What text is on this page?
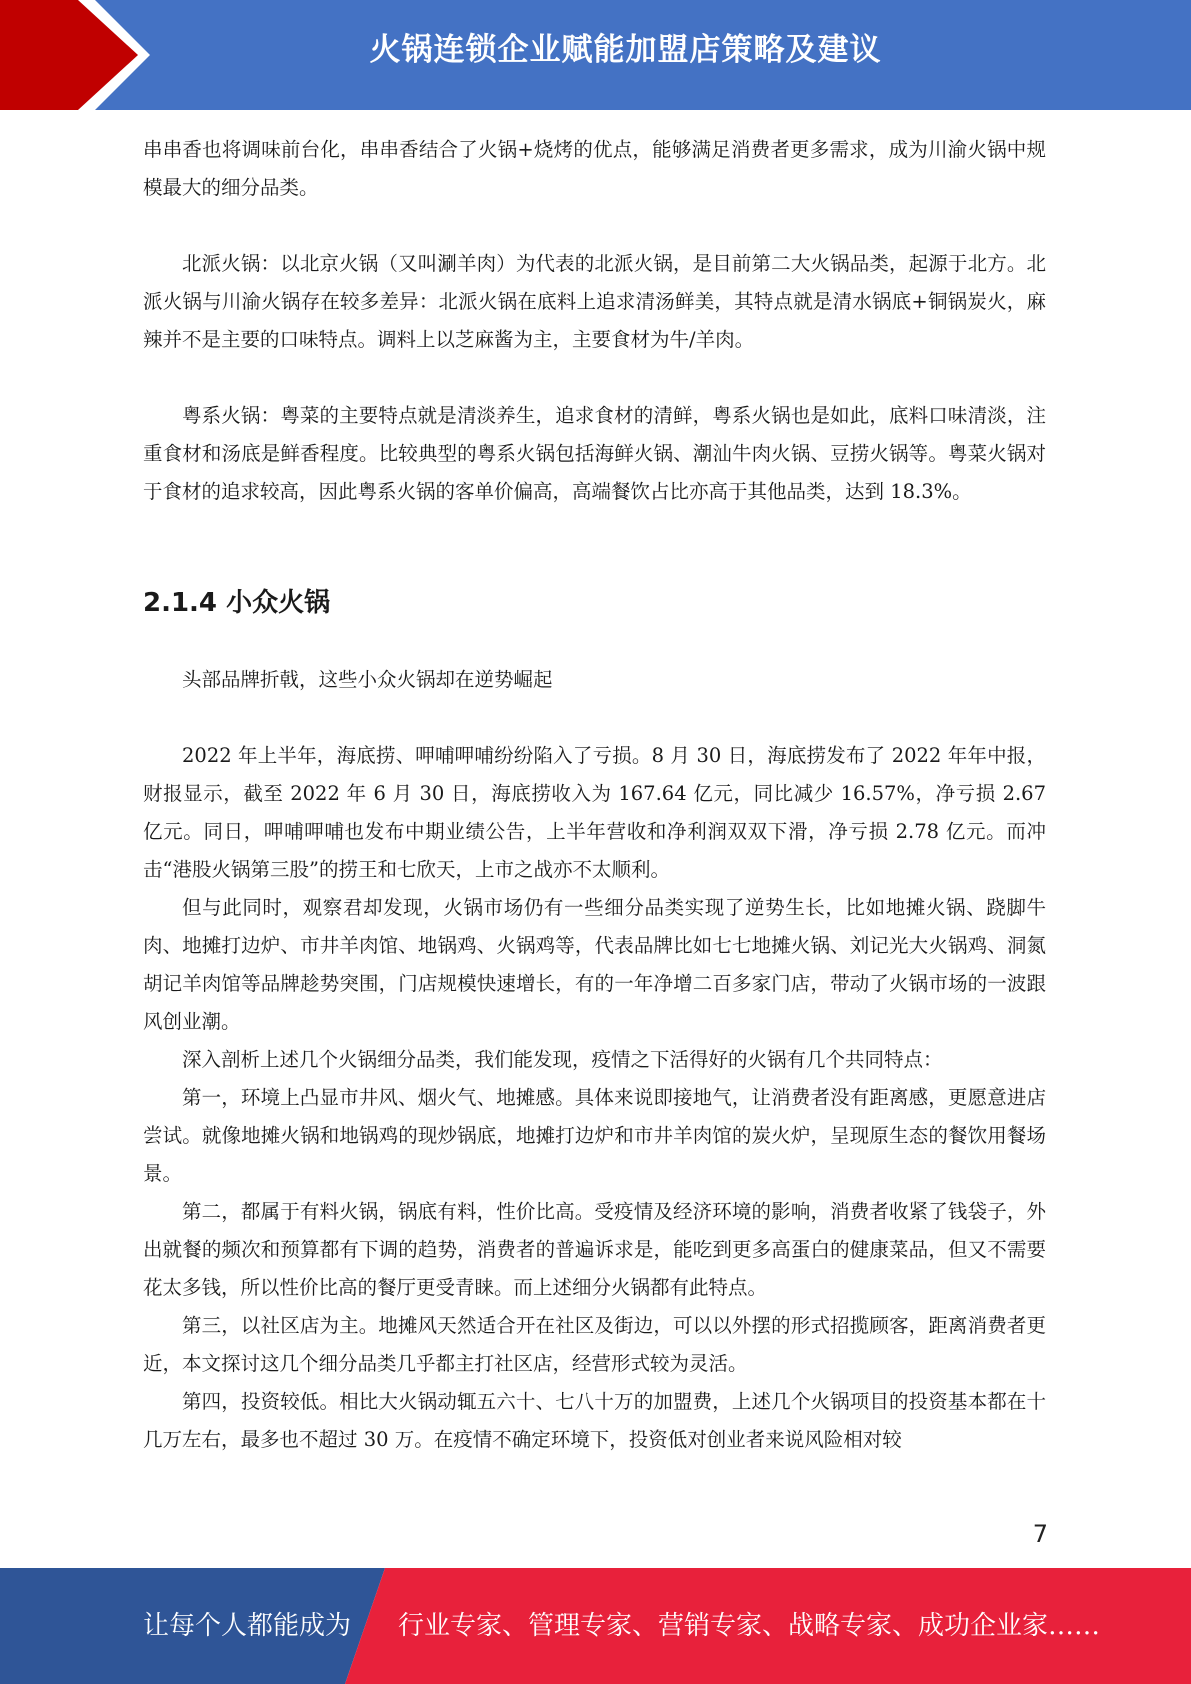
火锅连锁企业赋能加盟店策略及建议

串串香也将调味前台化，串串香结合了火锅+烧烤的优点，能够满足消费者更多需求，成为川渝火锅中规模最大的细分品类。

北派火锅：以北京火锅（又叫涮羊肉）为代表的北派火锅，是目前第二大火锅品类，起源于北方。北派火锅与川渝火锅存在较多差异：北派火锅在底料上追求清汤鲜美，其特点就是清水锅底+铜锅炭火，麻辣并不是主要的口味特点。调料上以芝麻酱为主，主要食材为牛/羊肉。

粤系火锅：粤菜的主要特点就是清淡养生，追求食材的清鲜，粤系火锅也是如此，底料口味清淡，注重食材和汤底是鲜香程度。比较典型的粤系火锅包括海鲜火锅、潮汕牛肉火锅、豆捞火锅等。粤菜火锅对于食材的追求较高，因此粤系火锅的客单价偏高，高端餐饮占比亦高于其他品类，达到 18.3%。

2.1.4 小众火锅

头部品牌折戟，这些小众火锅却在逆势崛起

2022 年上半年，海底捞、呷哺呷哺纷纷陷入了亏损。8 月 30 日，海底捞发布了 2022 年年中报，财报显示，截至 2022 年 6 月 30 日，海底捞收入为 167.64 亿元，同比减少 16.57%，净亏损 2.67 亿元。同日，呷哺呷哺也发布中期业绩公告，上半年营收和净利润双双下滑，净亏损 2.78 亿元。而冲击“港股火锅第三股”的捞王和七欣天，上市之战亦不太顺利。

但与此同时，观察君却发现，火锅市场仍有一些细分品类实现了逆势生长，比如地摊火锅、跷脚牛肉、地摊打边炉、市井羊肉馆、地锅鸡、火锅鸡等，代表品牌比如七七地摊火锅、刘记光大火锅鸡、洞氮胡记羊肉馆等品牌趁势突围，门店规模快速增长，有的一年净增二百多家门店，带动了火锅市场的一波跟风创业潮。

深入剖析上述几个火锅细分品类，我们能发现，疫情之下活得好的火锅有几个共同特点：

第一，环境上凸显市井风、烟火气、地摊感。具体来说即接地气，让消费者没有距离感，更愿意进店尝试。就像地摊火锅和地锅鸡的现炒锅底，地摊打边炉和市井羊肉馆的炭火炉，呈现原生态的餐饮用餐场景。

第二，都属于有料火锅，锅底有料，性价比高。受疫情及经济环境的影响，消费者收紧了钱袋子，外出就餐的频次和预算都有下调的趋势，消费者的普遍诉求是，能吃到更多高蛋白的健康菜品，但又不需要花太多钱，所以性价比高的餐厅更受青睐。而上述细分火锅都有此特点。

第三，以社区店为主。地摊风天然适合开在社区及街边，可以以外摆的形式招揽顾客，距离消费者更近，本文探讨这几个细分品类几乎都主打社区店，经营形式较为灵活。

第四，投资较低。相比大火锅动辄五六十、七八十万的加盟费，上述几个火锅项目的投资基本都在十几万左右，最多也不超过 30 万。在疫情不确定环境下，投资低对创业者来说风险相对较

7
让每个人都能成为 行业专家、管理专家、营销专家、战略专家、成功企业家……
